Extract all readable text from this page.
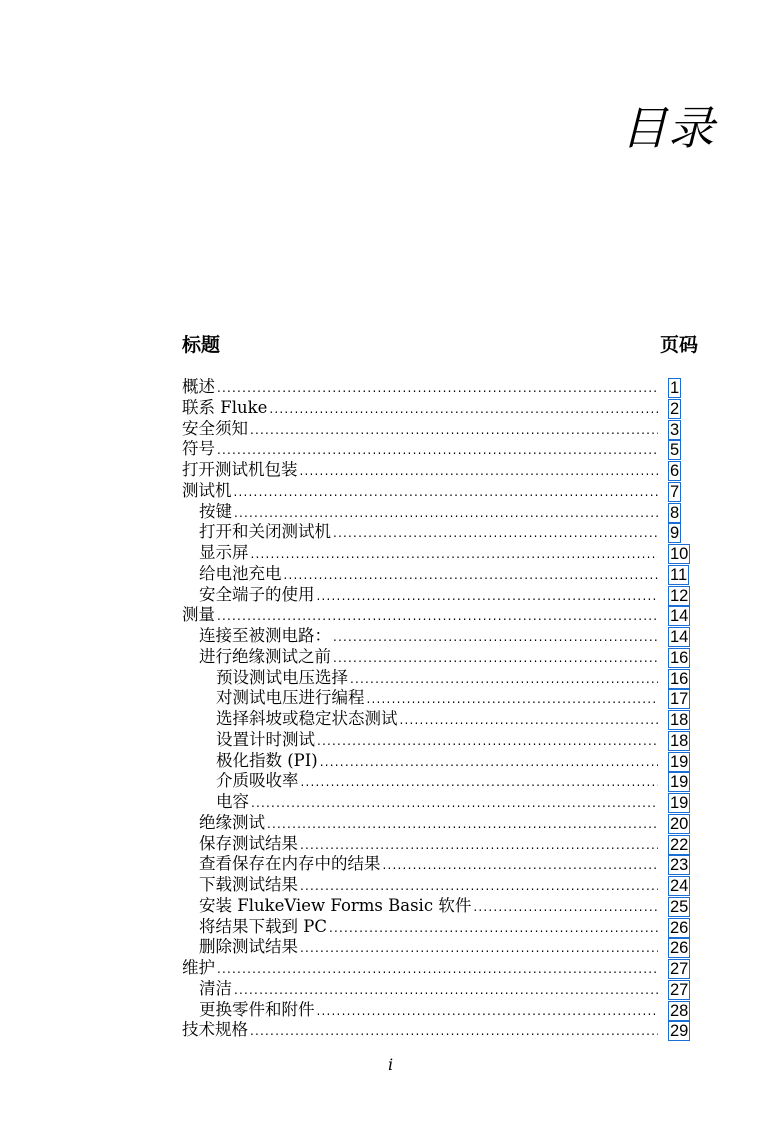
目录
标题	页码
概述 .....	1
联系 Fluke .....	2
安全须知 .....	3
符号 .....	5
打开测试机包装 .....	6
测试机 .....	7
按键 .....	8
打开和关闭测试机 .....	9
显示屏 .....	10
给电池充电 .....	11
安全端子的使用 .....	12
测量 .....	14
连接至被测电路： .....	14
进行绝缘测试之前 .....	16
预设测试电压选择 .....	16
对测试电压进行编程 .....	17
选择斜坡或稳定状态测试 .....	18
设置计时测试 .....	18
极化指数 (PI) .....	19
介质吸收率 .....	19
电容 .....	19
绝缘测试 .....	20
保存测试结果 .....	22
查看保存在内存中的结果 .....	23
下载测试结果 .....	24
安装 FlukeView Forms Basic 软件 .....	25
将结果下载到 PC .....	26
删除测试结果 .....	26
维护 .....	27
清洁 .....	27
更换零件和附件 .....	28
技术规格 .....	29
i
